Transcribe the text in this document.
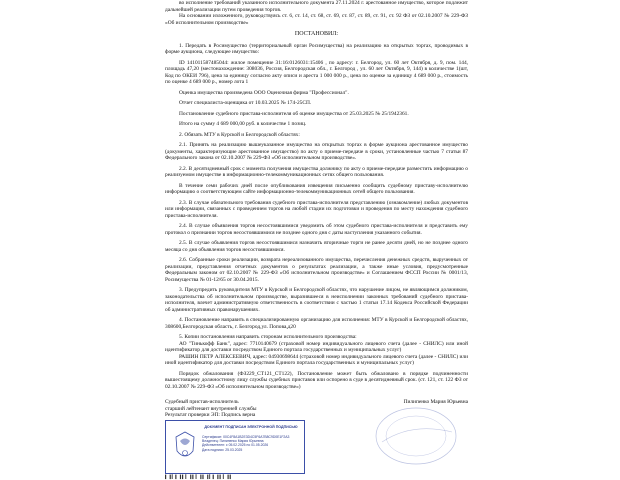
во исполнение требований указанного исполнительного документа 27.11.2024 г. арестованное имущество, которое подлежит дальнейшей реализации путем проведения торгов.

На основании изложенного, руководствуясь ст. 6, ст. 14, ст. 68, ст. 69, ст. 87, ст. 89, ст. 91, ст. 92 ФЗ от 02.10.2007 № 229-ФЗ «Об исполнительном производстве»

ПОСТАНОВИЛ:

1. Передать в Росимущество (территориальный орган Росимущества) на реализацию на открытых торгах, проводимых в форме аукциона, следующее имущество:

ID 141011587485044: жилое помещение 31:16:0126031:15406 , по адресу: г. Белгород, ул. 60 лет Октября, д. 9, пом. 144, площадь 47,20 (местонахождение: 308036, Россия, Белгородская обл., г. Белгород , ул. 60 лет Октября, 9, 144) в количестве 1(шт, Код по ОКЕИ 796), цена за единицу согласно акту описи и ареста 1 000 000 р., цена по оценке за единицу 4 689 000 р., стоимость по оценке 4 689 000 р., номер лота 1

Оценка имущества произведена ООО Оценочная фирма "Профессионал".

Отчет специалиста-оценщика от 10.03.2025 № 174-25СП.

Постановление судебного пристава-исполнителя об оценке имущества от 25.03.2025 № 25/1942361.

Итого на сумму 4 689 000,00 руб. в количестве 1 позиц.

2. Обязать МТУ в Курской и Белгородской областях:

2.1. Принять на реализацию вышеуказанное имущество на открытых торгах в форме аукциона арестованное имущество (документы, характеризующие арестованное имущество) по акту о приеме-передаче в сроки, установленные частью 7 статьи 87 Федерального закона от 02.10.2007 № 229-ФЗ «Об исполнительном производстве».

2.2. В десятидневный срок с момента получения имущества должнику по акту о приеме-передаче разместить информацию о реализуемом имуществе в информационно-телекоммуникационных сетях общего пользования.

В течение семи рабочих дней после опубликования извещения письменно сообщить судебному приставу-исполнителю информацию о соответствующем сайте информационно-телекоммуникационных сетей общего пользования.

2.3. В случае обязательного требования судебного пристава-исполнителя представлению (ознакомление) любых документов или информации, связанных с проведением торгов на любой стадии их подготовки и проведения по месту нахождения судебного пристава-исполнителя.

2.4. В случае объявления торгов несостоявшимися уведомить об этом судебного пристава-исполнителя и представить ему протокол о признании торгов несостоявшимися не позднее одного дня с даты наступления указанного события.

2.5. В случае объявления торгов несостоявшимися назначить вторичные торги не ранее десяти дней, но не позднее одного месяца со дня объявления торгов несостоявшимися.

2.6. Собранные сроки реализации, возврата нереализованного имущества, перечисления денежных средств, вырученных от реализации, представления отчетных документов о результатах реализации, а также иные условия, предусмотренные Федеральным законом от 02.10.2007 № 229-ФЗ «Об исполнительном производстве» и Соглашением ФССП России № 0001/13, Росимущества № 01-12/65 от 30.04.2015.

3. Предупредить руководителя МТУ в Курской и Белгородской областях, что нарушение лицом, не являющимся должником, законодательства об исполнительном производстве, выразившееся в неисполнении законных требований судебного пристава-исполнителя, влечет административную ответственность в соответствии с частью 1 статьи 17.14 Кодекса Российской Федерации об административных правонарушениях.

4. Постановление направить в специализированную организацию для исполнения: МТУ в Курской и Белгородской областях, 308600,Белгородская область, г. Белгород,ул. Попова,д20

5. Копии постановления направить сторонам исполнительного производства:

АО "Тинькофф Банк", адрес: 7710140679 (страховой номер индивидуального лицевого счета (далее - СНИЛС) или иной идентификатор для доставки посредством Единого портала государственных и муниципальных услуг)

РАШИН ПЕТР АЛЕКСЕЕВИЧ, адрес: 04930698644 (страховой номер индивидуального лицевого счета (далее - СНИЛС) или иной идентификатор для доставки посредством Единого портала государственных и муниципальных услуг)

Порядок обжалования (ФЗ229_СТ121_СТ122), Постановление может быть обжаловано в порядке подчиненности вышестоящему должностному лицу службы судебных приставов или оспорено в суде в десятидневный срок. (ст. 121, ст. 122 ФЗ от 02.10.2007 № 229-ФЗ «Об исполнительном производстве»)

Судебный пристав-исполнитель
старший лейтенант внутренней службы
Результат проверки ЭП: Подпись верна
Пилипенко Мария Юрьевна
ДОКУМЕНТ ПОДПИСАН ЭЛЕКТРОННОЙ ПОДПИСЬЮ
Сертификат: 00C4F8A1B2E3D4C5F6A7B8C9D0E1F2A3
Владелец: Пилипенко Мария Юрьевна
Действителен: с 05.02.2025 по 01.05.2026
Дата подписи: 25.03.2025
▌▐▍▌▐▌▍▐▌▍▐▌▐▍▌▐▌▍▐▌
